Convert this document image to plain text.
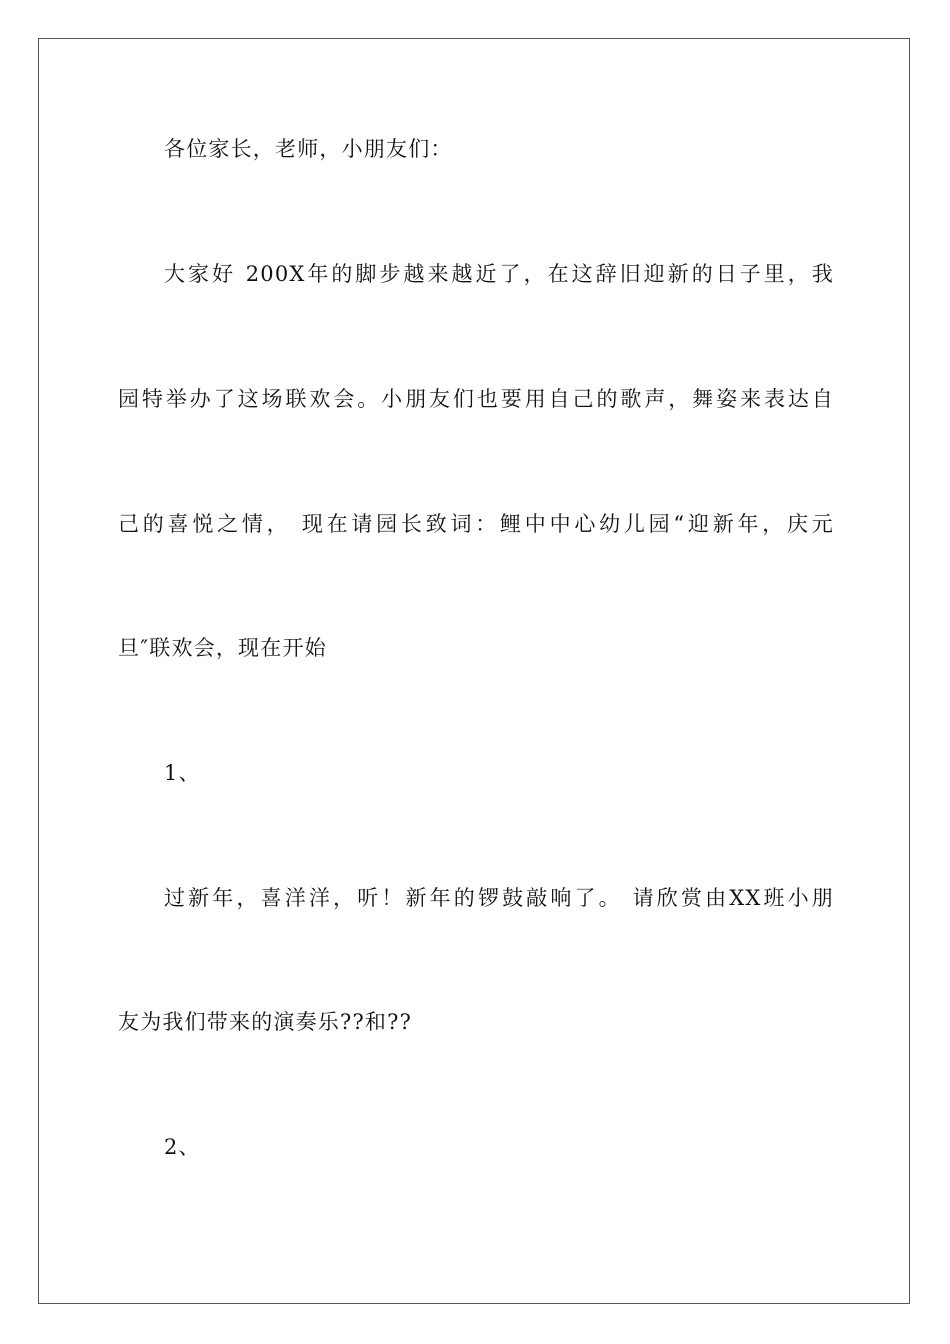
各位家长，老师，小朋友们：
大家好 200X年的脚步越来越近了，在这辞旧迎新的日子里，我
园特举办了这场联欢会。小朋友们也要用自己的歌声，舞姿来表达自
己的喜悦之情， 现在请园长致词：鲤中中心幼儿园“迎新年，庆元
旦″联欢会，现在开始
1、
过新年，喜洋洋，听！新年的锣鼓敲响了。 请欣赏由XX班小朋
友为我们带来的演奏乐??和??
2、
